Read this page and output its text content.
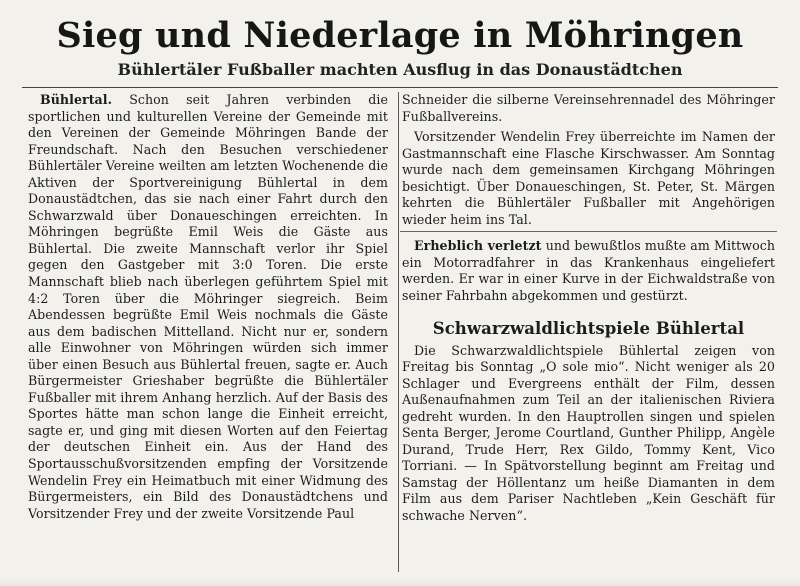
Sieg und Niederlage in Möhringen
Bühlertäler Fußballer machten Ausflug in das Donaustädtchen

Bühlertal. Schon seit Jahren verbinden die sportlichen und kulturellen Vereine der Gemeinde mit den Vereinen der Gemeinde Möhringen Bande der Freundschaft. Nach den Besuchen verschiedener Bühlertäler Vereine weilten am letzten Wochenende die Aktiven der Sportvereinigung Bühlertal in dem Donaustädtchen, das sie nach einer Fahrt durch den Schwarzwald über Donaueschingen erreichten. In Möhringen begrüßte Emil Weis die Gäste aus Bühlertal. Die zweite Mannschaft verlor ihr Spiel gegen den Gastgeber mit 3:0 Toren. Die erste Mannschaft blieb nach überlegen geführtem Spiel mit 4:2 Toren über die Möhringer siegreich. Beim Abendessen begrüßte Emil Weis nochmals die Gäste aus dem badischen Mittelland. Nicht nur er, sondern alle Einwohner von Möhringen würden sich immer über einen Besuch aus Bühlertal freuen, sagte er. Auch Bürgermeister Grieshaber begrüßte die Bühlertäler Fußballer mit ihrem Anhang herzlich. Auf der Basis des Sportes hätte man schon lange die Einheit erreicht, sagte er, und ging mit diesen Worten auf den Feiertag der deutschen Einheit ein. Aus der Hand des Sportausschußvorsitzenden empfing der Vorsitzende Wendelin Frey ein Heimatbuch mit einer Widmung des Bürgermeisters, ein Bild des Donaustädtchens und Vorsitzender Frey und der zweite Vorsitzende Paul

Schneider die silberne Vereinsehrennadel des Möhringer Fußballvereins.

Vorsitzender Wendelin Frey überreichte im Namen der Gastmannschaft eine Flasche Kirschwasser. Am Sonntag wurde nach dem gemeinsamen Kirchgang Möhringen besichtigt. Über Donaueschingen, St. Peter, St. Märgen kehrten die Bühlertäler Fußballer mit Angehörigen wieder heim ins Tal.

Erheblich verletzt und bewußtlos mußte am Mittwoch ein Motorradfahrer in das Krankenhaus eingeliefert werden. Er war in einer Kurve in der Eichwaldstraße von seiner Fahrbahn abgekommen und gestürzt.

Schwarzwaldlichtspiele Bühlertal

Die Schwarzwaldlichtspiele Bühlertal zeigen von Freitag bis Sonntag „O sole mio“. Nicht weniger als 20 Schlager und Evergreens enthält der Film, dessen Außenaufnahmen zum Teil an der italienischen Riviera gedreht wurden. In den Hauptrollen singen und spielen Senta Berger, Jerome Courtland, Gunther Philipp, Angèle Durand, Trude Herr, Rex Gildo, Tommy Kent, Vico Torriani. — In Spätvorstellung beginnt am Freitag und Samstag der Höllentanz um heiße Diamanten in dem Film aus dem Pariser Nachtleben „Kein Geschäft für schwache Nerven“.
